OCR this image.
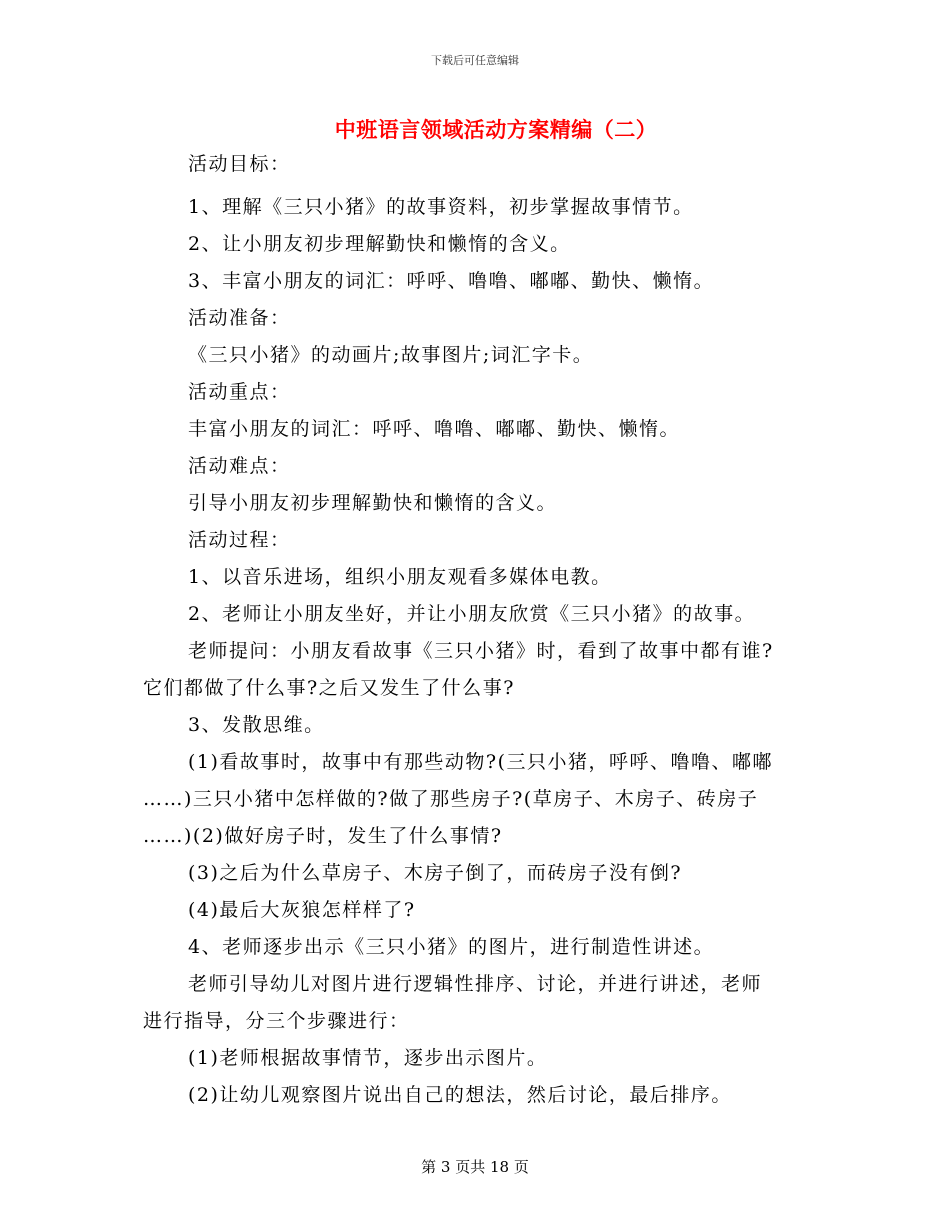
下载后可任意编辑
中班语言领域活动方案精编（二）
活动目标：
1、理解《三只小猪》的故事资料，初步掌握故事情节。
2、让小朋友初步理解勤快和懒惰的含义。
3、丰富小朋友的词汇：呼呼、噜噜、嘟嘟、勤快、懒惰。
活动准备：
《三只小猪》的动画片;故事图片;词汇字卡。
活动重点：
丰富小朋友的词汇：呼呼、噜噜、嘟嘟、勤快、懒惰。
活动难点：
引导小朋友初步理解勤快和懒惰的含义。
活动过程：
1、以音乐进场，组织小朋友观看多媒体电教。
2、老师让小朋友坐好，并让小朋友欣赏《三只小猪》的故事。
老师提问：小朋友看故事《三只小猪》时，看到了故事中都有谁?
它们都做了什么事?之后又发生了什么事?
3、发散思维。
(1)看故事时，故事中有那些动物?(三只小猪，呼呼、噜噜、嘟嘟
……)三只小猪中怎样做的?做了那些房子?(草房子、木房子、砖房子
……)(2)做好房子时，发生了什么事情?
(3)之后为什么草房子、木房子倒了，而砖房子没有倒?
(4)最后大灰狼怎样样了?
4、老师逐步出示《三只小猪》的图片，进行制造性讲述。
老师引导幼儿对图片进行逻辑性排序、讨论，并进行讲述，老师
进行指导，分三个步骤进行：
(1)老师根据故事情节，逐步出示图片。
(2)让幼儿观察图片说出自己的想法，然后讨论，最后排序。
第 3 页共 18 页
